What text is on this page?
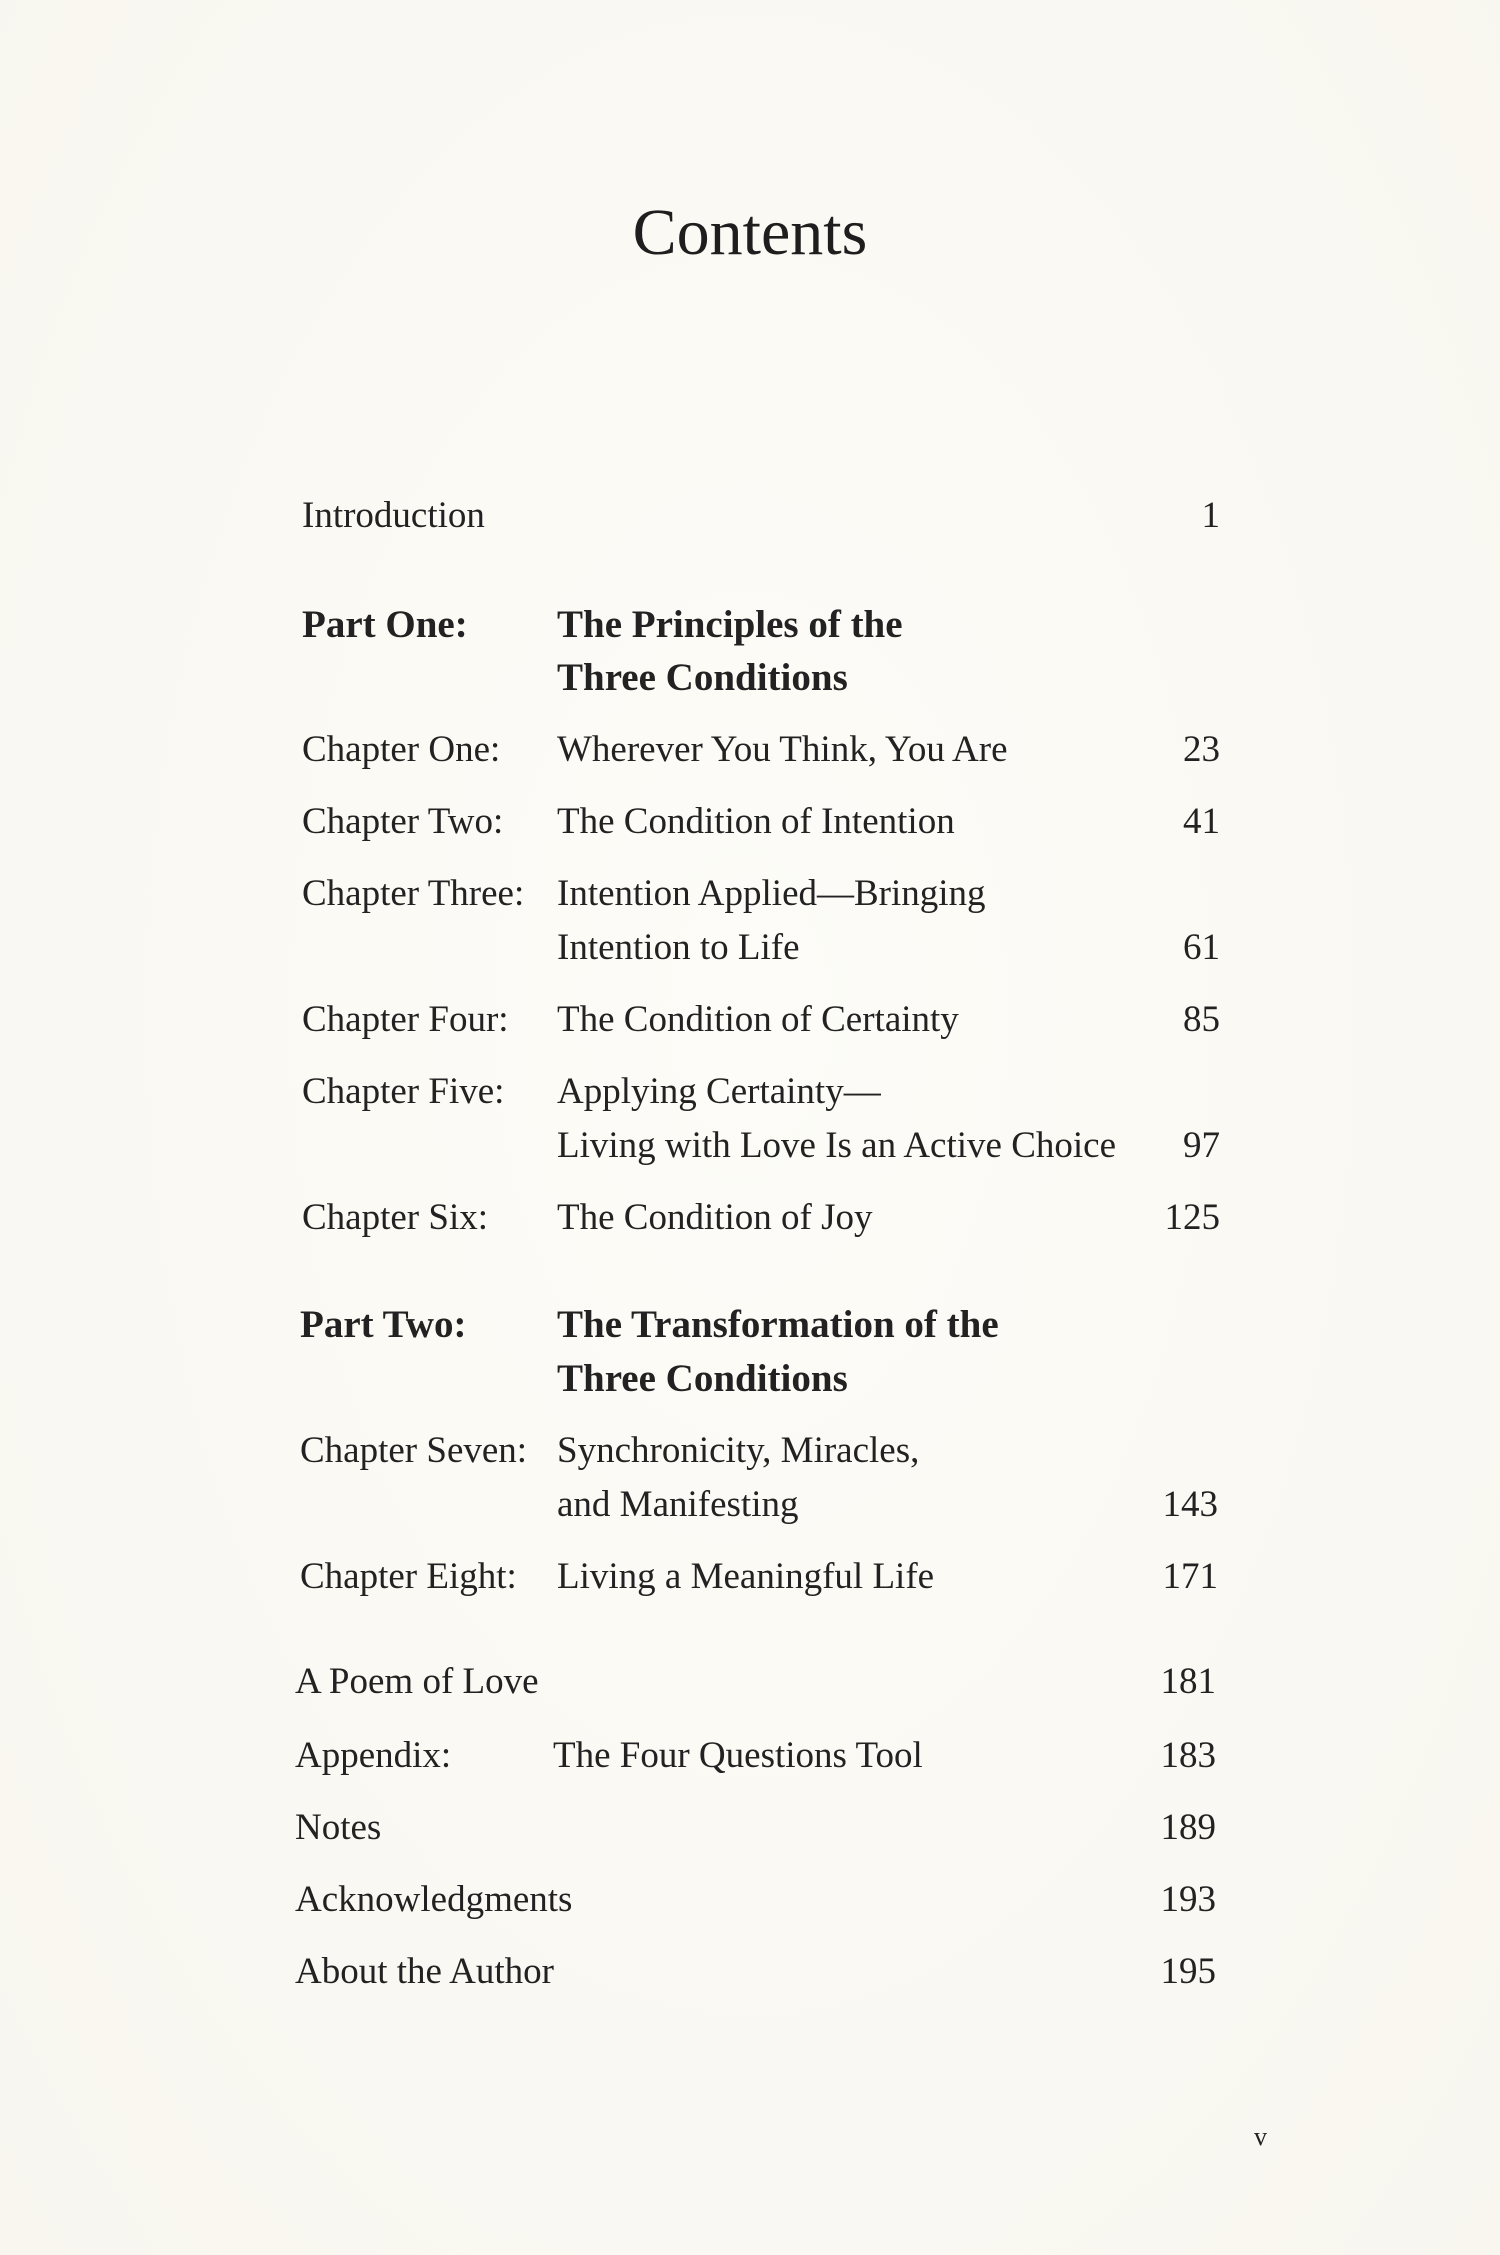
Contents
Introduction	1
Part One: The Principles of the
Three Conditions
Chapter One: Wherever You Think, You Are	23
Chapter Two: The Condition of Intention	41
Chapter Three: Intention Applied—Bringing
Intention to Life	61
Chapter Four: The Condition of Certainty	85
Chapter Five: Applying Certainty—
Living with Love Is an Active Choice	97
Chapter Six: The Condition of Joy	125
Part Two: The Transformation of the
Three Conditions
Chapter Seven: Synchronicity, Miracles,
and Manifesting	143
Chapter Eight: Living a Meaningful Life	171
A Poem of Love	181
Appendix:	The Four Questions Tool	183
Notes	189
Acknowledgments	193
About the Author	195
v
